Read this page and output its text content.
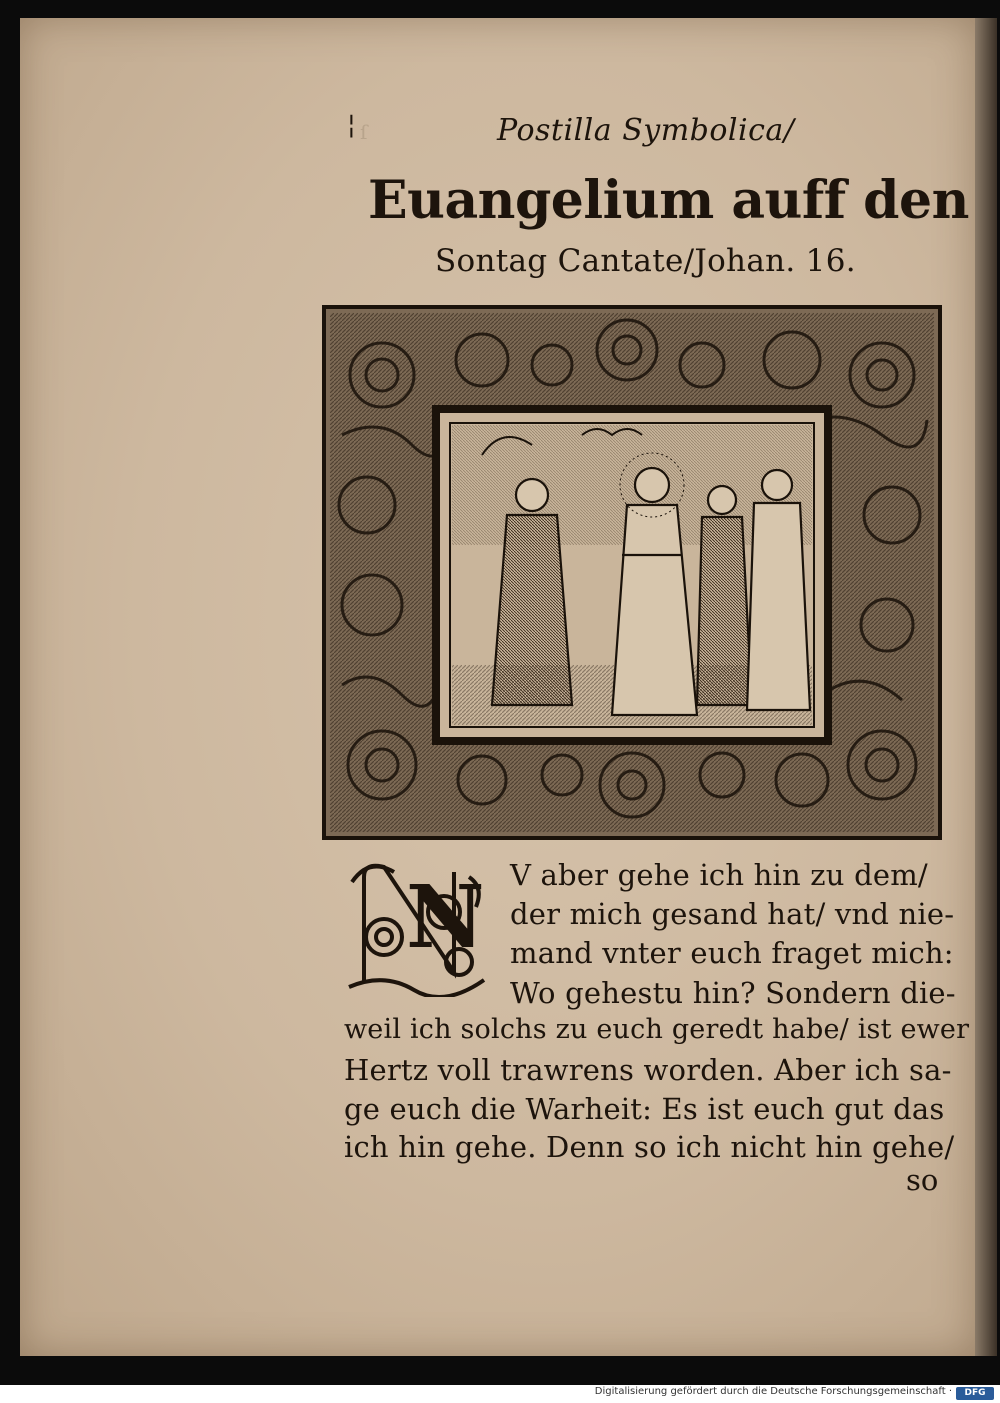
ſ
¦	Postilla Symbolica/
Euangelium auff den
Sontag Cantate/Johan. 16.
N V aber gehe ich hin zu dem/
der mich gesand hat/ vnd nie-
mand vnter euch fraget mich:
Wo gehestu hin? Sondern die-
weil ich solchs zu euch geredt habe/ ist ewer
Hertz voll trawrens worden. Aber ich sa-
ge euch die Warheit: Es ist euch gut das
ich hin gehe. Denn so ich nicht hin gehe/
so
Digitalisierung gefördert durch die Deutsche Forschungsgemeinschaft ·	DFG
